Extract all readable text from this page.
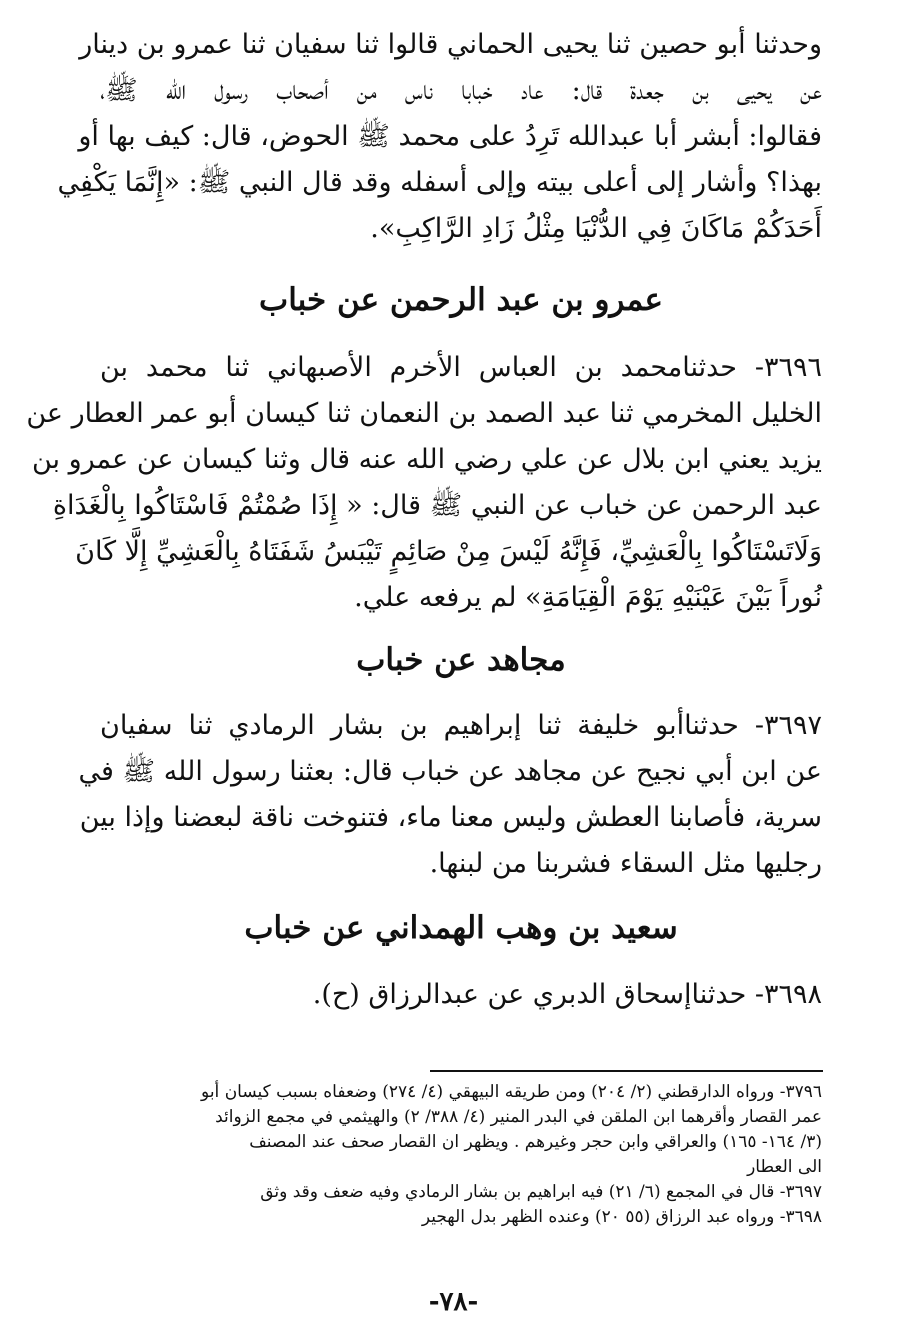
وحدثنا أبو حصين ثنا يحيى الحماني قالوا ثنا سفيان ثنا عمرو بن دينار

عن يحيى بن جعدة قال: عاد خبابا ناس من أصحاب رسول الله ﷺ،

فقالوا: أبشر أبا عبدالله تَرِدُ على محمد ﷺ الحوض، قال: كيف بها أو

بهذا؟ وأشار إلى أعلى بيته وإلى أسفله وقد قال النبي ﷺ: «إِنَّمَا يَكْفِي

أَحَدَكُمْ مَاكَانَ فِي الدُّنْيَا مِثْلُ زَادِ الرَّاكِبِ».

عمرو بن عبد الرحمن عن خباب

٣٦٩٦- حدثنامحمد بن العباس الأخرم الأصبهاني ثنا محمد بن

الخليل المخرمي ثنا عبد الصمد بن النعمان ثنا كيسان أبو عمر العطار عن

يزيد يعني ابن بلال عن علي رضي الله عنه قال وثنا كيسان عن عمرو بن

عبد الرحمن عن خباب عن النبي ﷺ قال: « إِذَا صُمْتُمْ فَاسْتَاكُوا بِالْغَدَاةِ

وَلَاتَسْتَاكُوا بِالْعَشِيِّ، فَإِنَّهُ لَيْسَ مِنْ صَائِمٍ تَيْبَسُ شَفَتَاهُ بِالْعَشِيِّ إِلَّا كَانَ

نُوراً بَيْنَ عَيْنَيْهِ يَوْمَ الْقِيَامَةِ» لم يرفعه علي.

مجاهد عن خباب

٣٦٩٧- حدثناأبو خليفة ثنا إبراهيم بن بشار الرمادي ثنا سفيان

عن ابن أبي نجيح عن مجاهد عن خباب قال: بعثنا رسول الله ﷺ في

سرية، فأصابنا العطش وليس معنا ماء، فتنوخت ناقة لبعضنا وإذا بين

رجليها مثل السقاء فشربنا من لبنها.

سعيد بن وهب الهمداني عن خباب

٣٦٩٨- حدثناإسحاق الدبري عن عبدالرزاق (ح).

٣٧٩٦- ورواه الدارقطني (٢/ ٢٠٤) ومن طريقه البيهقي (٤/ ٢٧٤) وضعفاه بسبب كيسان أبو

عمر القصار وأقرهما ابن الملقن في البدر المنير (٤/ ٣٨٨/ ٢) والهيثمي في مجمع الزوائد

(٣/ ١٦٤- ١٦٥) والعراقي وابن حجر وغيرهم . ويظهر ان القصار صحف عند المصنف

الى العطار

٣٦٩٧- قال في المجمع (٦/ ٢١) فيه ابراهيم بن بشار الرمادي وفيه ضعف وقد وثق

٣٦٩٨- ورواه عبد الرزاق (٥٥ ٢٠) وعنده الظهر بدل الهجير

-٧٨-
